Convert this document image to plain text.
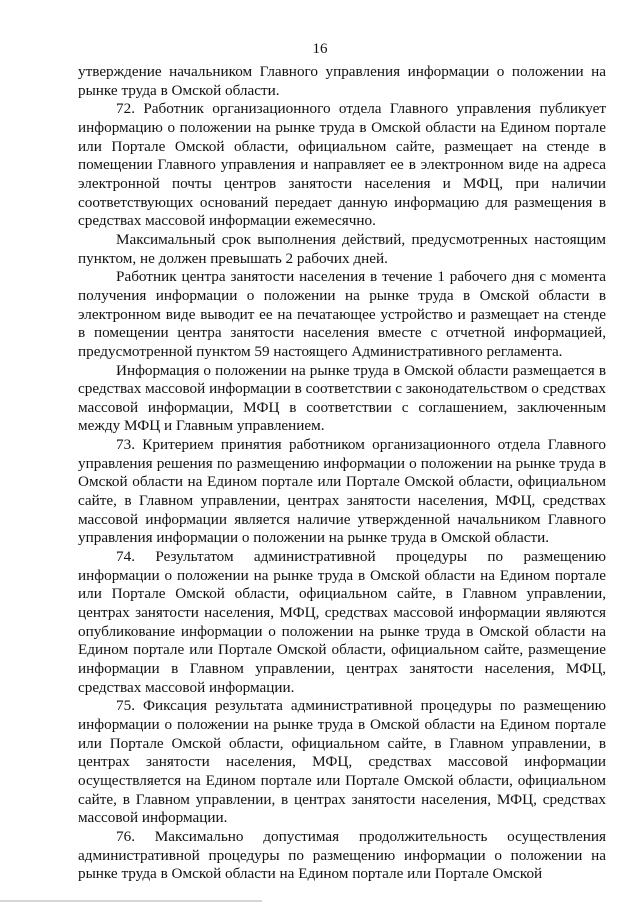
16

утверждение начальником Главного управления информации о положении на рынке труда в Омской области.

72. Работник организационного отдела Главного управления публикует информацию о положении на рынке труда в Омской области на Едином портале или Портале Омской области, официальном сайте, размещает на стенде в помещении Главного управления и направляет ее в электронном виде на адреса электронной почты центров занятости населения и МФЦ, при наличии соответствующих оснований передает данную информацию для размещения в средствах массовой информации ежемесячно.

Максимальный срок выполнения действий, предусмотренных настоящим пунктом, не должен превышать 2 рабочих дней.

Работник центра занятости населения в течение 1 рабочего дня с момента получения информации о положении на рынке труда в Омской области в электронном виде выводит ее на печатающее устройство и размещает на стенде в помещении центра занятости населения вместе с отчетной информацией, предусмотренной пунктом 59 настоящего Административного регламента.

Информация о положении на рынке труда в Омской области размещается в средствах массовой информации в соответствии с законодательством о средствах массовой информации, МФЦ в соответствии с соглашением, заключенным между МФЦ и Главным управлением.

73. Критерием принятия работником организационного отдела Главного управления решения по размещению информации о положении на рынке труда в Омской области на Едином портале или Портале Омской области, официальном сайте, в Главном управлении, центрах занятости населения, МФЦ, средствах массовой информации является наличие утвержденной начальником Главного управления информации о положении на рынке труда в Омской области.

74. Результатом административной процедуры по размещению информации о положении на рынке труда в Омской области на Едином портале или Портале Омской области, официальном сайте, в Главном управлении, центрах занятости населения, МФЦ, средствах массовой информации являются опубликование информации о положении на рынке труда в Омской области на Едином портале или Портале Омской области, официальном сайте, размещение информации в Главном управлении, центрах занятости населения, МФЦ, средствах массовой информации.

75. Фиксация результата административной процедуры по размещению информации о положении на рынке труда в Омской области на Едином портале или Портале Омской области, официальном сайте, в Главном управлении, в центрах занятости населения, МФЦ, средствах массовой информации осуществляется на Едином портале или Портале Омской области, официальном сайте, в Главном управлении, в центрах занятости населения, МФЦ, средствах массовой информации.

76. Максимально допустимая продолжительность осуществления административной процедуры по размещению информации о положении на рынке труда в Омской области на Едином портале или Портале Омской
